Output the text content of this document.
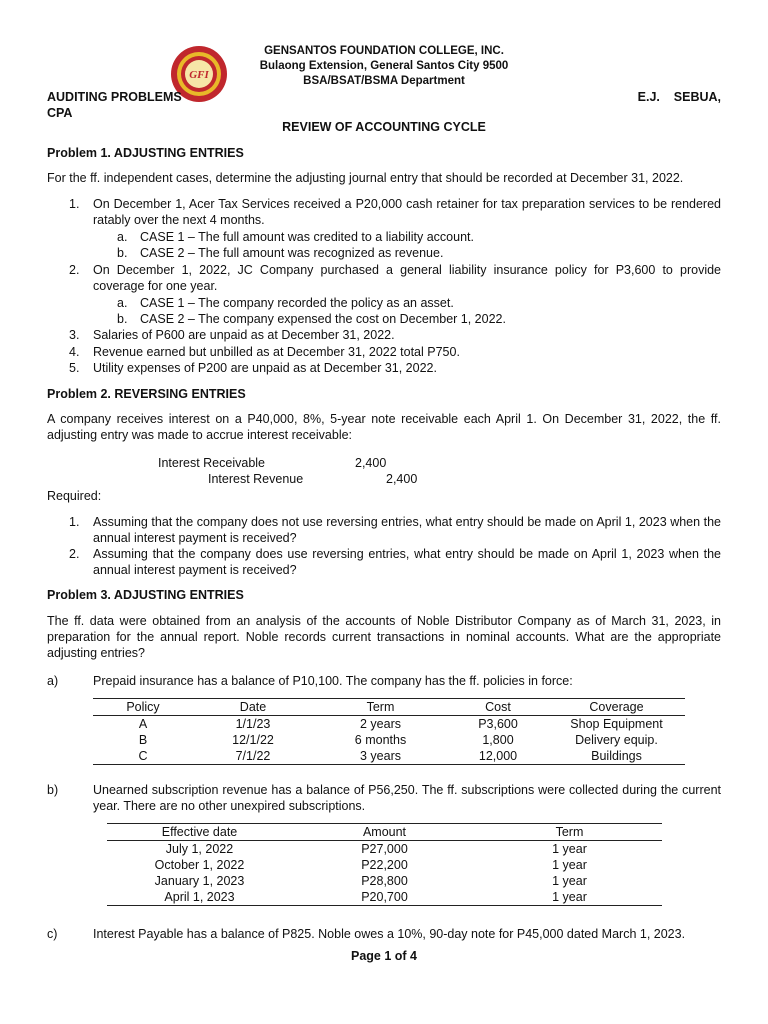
GFI
GENSANTOS FOUNDATION COLLEGE, INC.
Bulaong Extension, General Santos City 9500
BSA/BSAT/BSMA Department
AUDITING PROBLEMS	E.J.    SEBUA,
CPA
REVIEW OF ACCOUNTING CYCLE
Problem 1. ADJUSTING ENTRIES
For the ff. independent cases, determine the adjusting journal entry that should be recorded at December 31, 2022.
1. On December 1, Acer Tax Services received a P20,000 cash retainer for tax preparation services to be rendered ratably over the next 4 months.
a. CASE 1 – The full amount was credited to a liability account.
b. CASE 2 – The full amount was recognized as revenue.
2. On December 1, 2022, JC Company purchased a general liability insurance policy for P3,600 to provide coverage for one year.
a. CASE 1 – The company recorded the policy as an asset.
b. CASE 2 – The company expensed the cost on December 1, 2022.
3. Salaries of P600 are unpaid as at December 31, 2022.
4. Revenue earned but unbilled as at December 31, 2022 total P750.
5. Utility expenses of P200 are unpaid as at December 31, 2022.
Problem 2. REVERSING ENTRIES
A company receives interest on a P40,000, 8%, 5-year note receivable each April 1. On December 31, 2022, the ff. adjusting entry was made to accrue interest receivable:
Interest Receivable	2,400
Interest Revenue	2,400
Required:
1. Assuming that the company does not use reversing entries, what entry should be made on April 1, 2023 when the annual interest payment is received?
2. Assuming that the company does use reversing entries, what entry should be made on April 1, 2023 when the annual interest payment is received?
Problem 3. ADJUSTING ENTRIES
The ff. data were obtained from an analysis of the accounts of Noble Distributor Company as of March 31, 2023, in preparation for the annual report. Noble records current transactions in nominal accounts. What are the appropriate adjusting entries?
a)	Prepaid insurance has a balance of P10,100. The company has the ff. policies in force:
Policy	Date	Term	Cost	Coverage
A	1/1/23	2 years	P3,600	Shop Equipment
B	12/1/22	6 months	1,800	Delivery equip.
C	7/1/22	3 years	12,000	Buildings
b)	Unearned subscription revenue has a balance of P56,250. The ff. subscriptions were collected during the current year. There are no other unexpired subscriptions.
Effective date	Amount	Term
July 1, 2022	P27,000	1 year
October 1, 2022	P22,200	1 year
January 1, 2023	P28,800	1 year
April 1, 2023	P20,700	1 year
c)	Interest Payable has a balance of P825. Noble owes a 10%, 90-day note for P45,000 dated March 1, 2023.
Page 1 of 4
